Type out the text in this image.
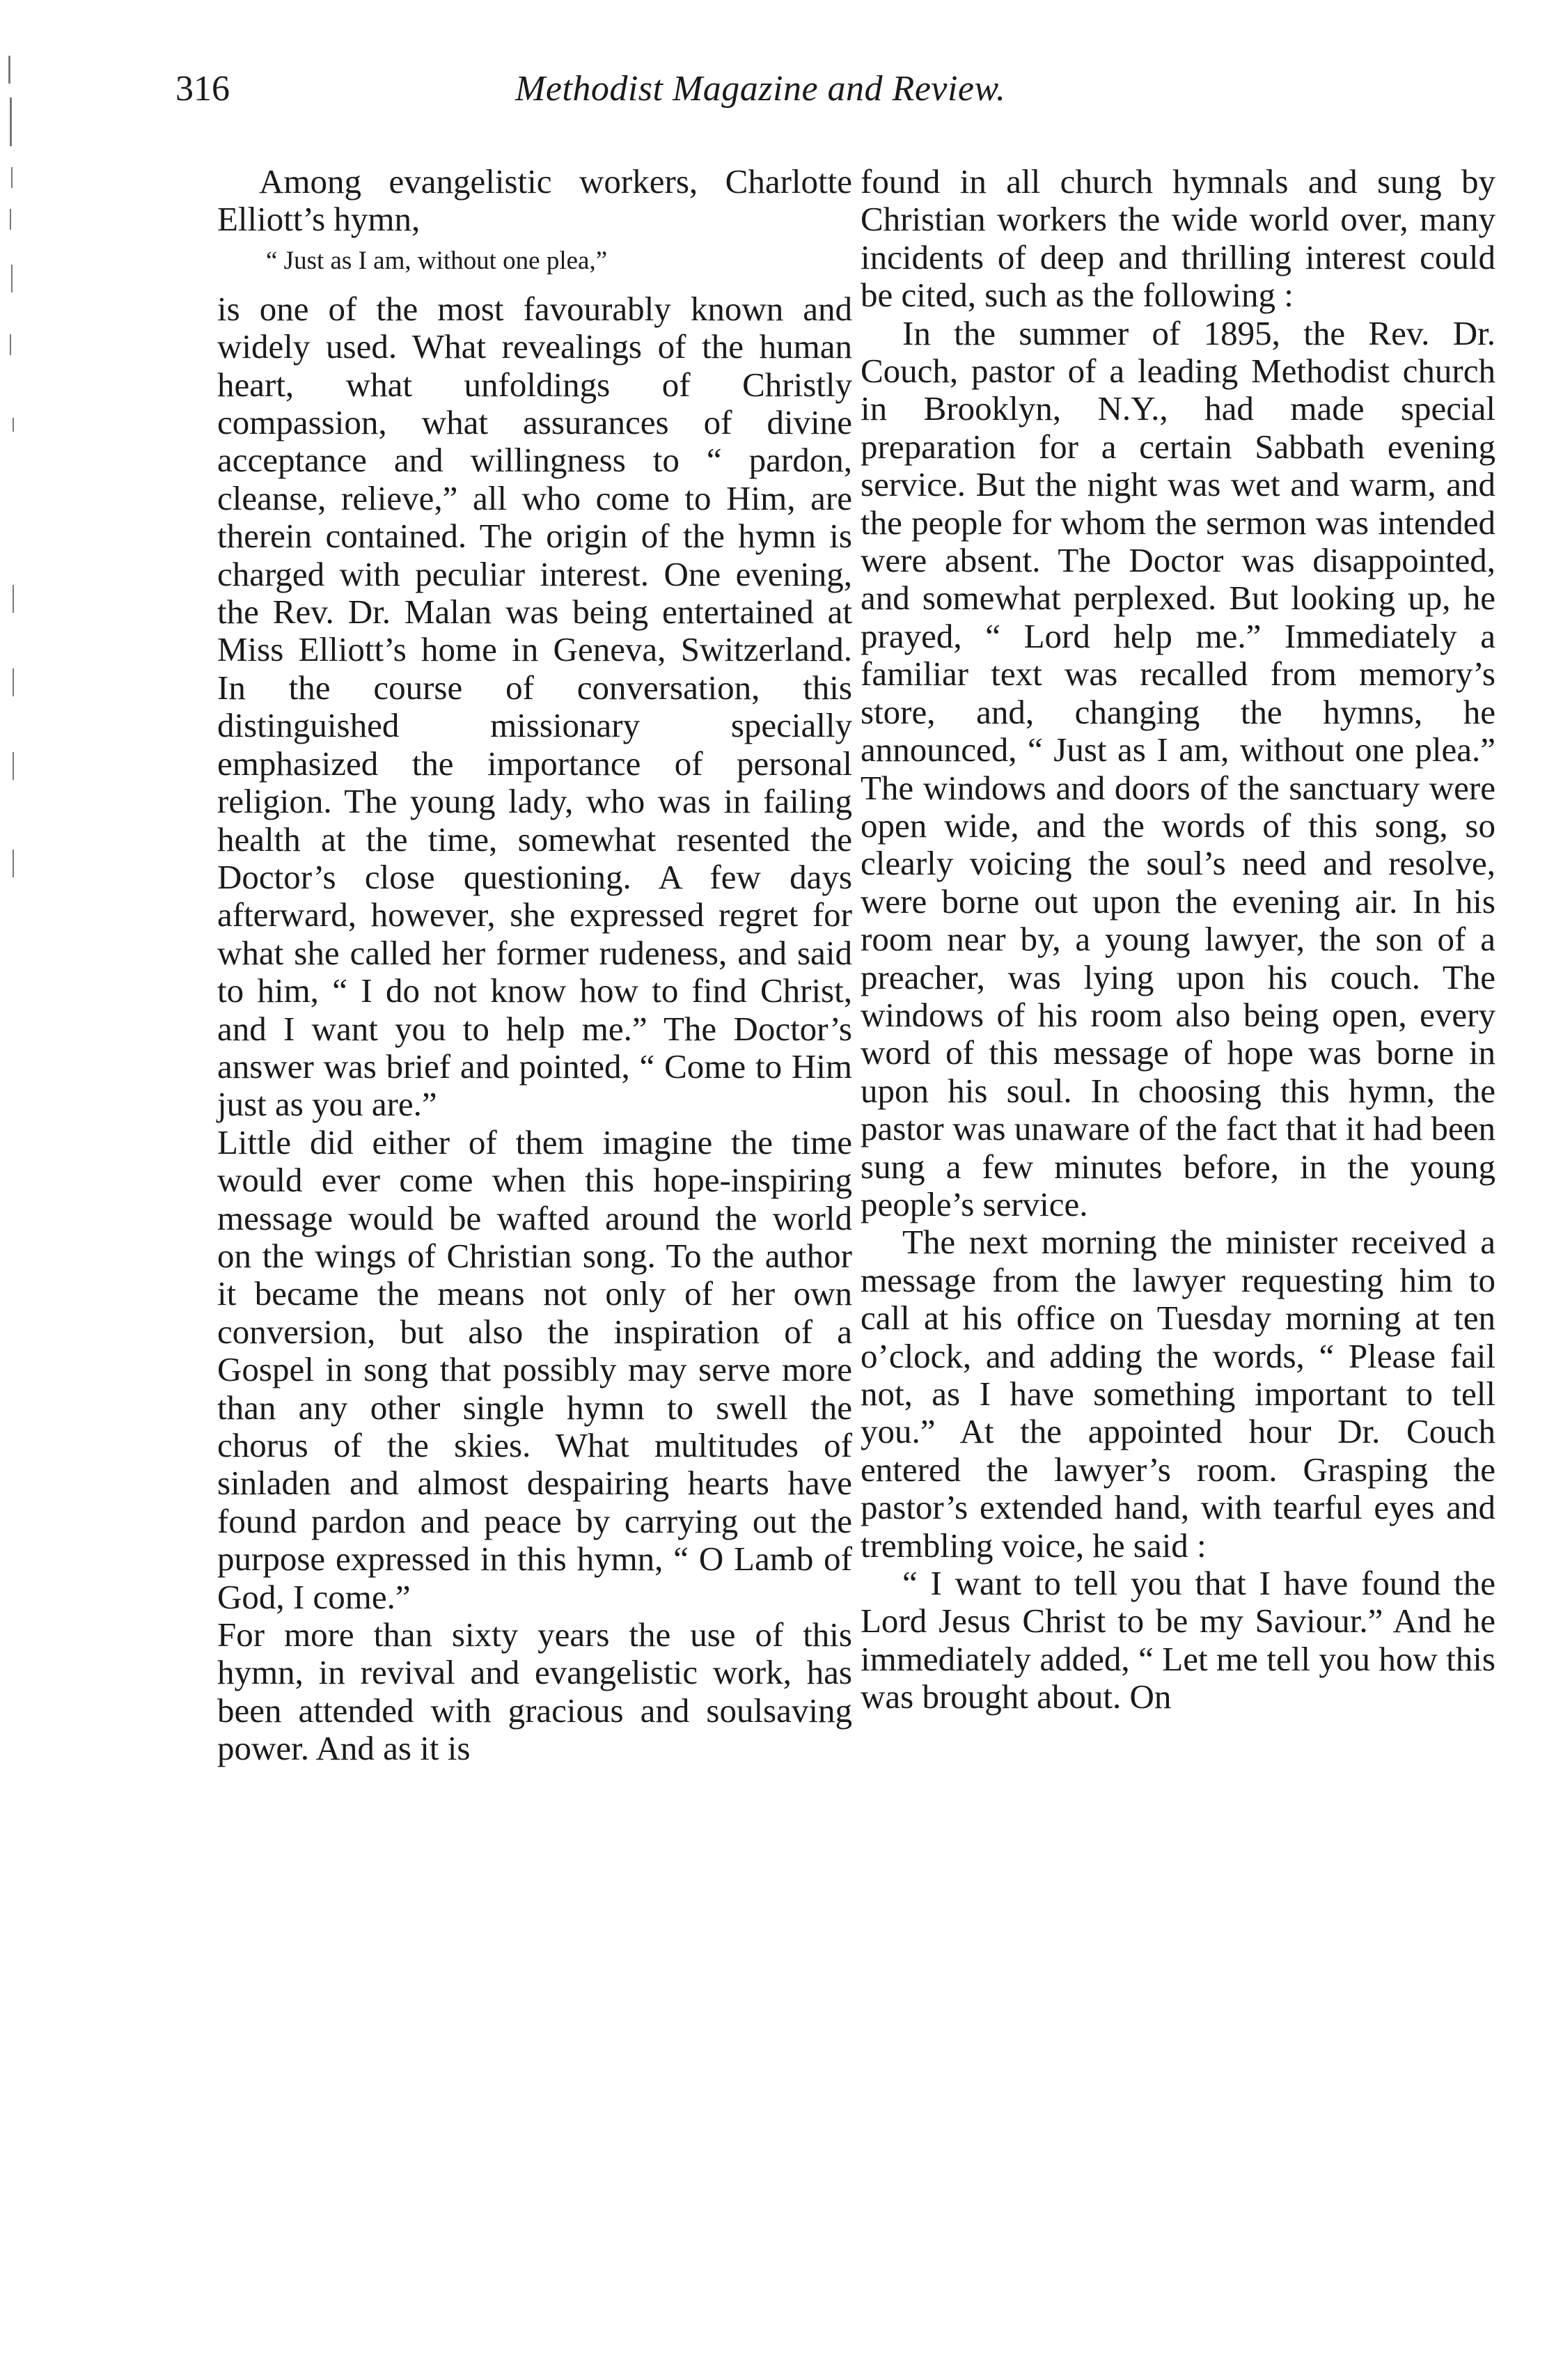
316	Methodist Magazine and Review.

Among evangelistic workers, Charlotte Elliott’s hymn,

“ Just as I am, without one plea,”

is one of the most favourably known and widely used. What revealings of the human heart, what unfoldings of Christly compassion, what assurances of divine acceptance and willingness to “ pardon, cleanse, relieve,” all who come to Him, are therein contained. The origin of the hymn is charged with peculiar interest. One evening, the Rev. Dr. Malan was being entertained at Miss Elliott’s home in Geneva, Switzerland. In the course of conversation, this distinguished missionary specially emphasized the importance of personal religion. The young lady, who was in failing health at the time, somewhat resented the Doctor’s close questioning. A few days afterward, however, she expressed regret for what she called her former rudeness, and said to him, “ I do not know how to find Christ, and I want you to help me.” The Doctor’s answer was brief and pointed, “ Come to Him just as you are.”

Little did either of them imagine the time would ever come when this hope-inspiring message would be wafted around the world on the wings of Christian song. To the author it became the means not only of her own conversion, but also the inspiration of a Gospel in song that possibly may serve more than any other single hymn to swell the chorus of the skies. What multitudes of sinladen and almost despairing hearts have found pardon and peace by carrying out the purpose expressed in this hymn, “ O Lamb of God, I come.”

For more than sixty years the use of this hymn, in revival and evangelistic work, has been attended with gracious and soulsaving power. And as it is

found in all church hymnals and sung by Christian workers the wide world over, many incidents of deep and thrilling interest could be cited, such as the following :

In the summer of 1895, the Rev. Dr. Couch, pastor of a leading Methodist church in Brooklyn, N.Y., had made special preparation for a certain Sabbath evening service. But the night was wet and warm, and the people for whom the sermon was intended were absent. The Doctor was disappointed, and somewhat perplexed. But looking up, he prayed, “ Lord help me.” Immediately a familiar text was recalled from memory’s store, and, changing the hymns, he announced, “ Just as I am, without one plea.” The windows and doors of the sanctuary were open wide, and the words of this song, so clearly voicing the soul’s need and resolve, were borne out upon the evening air. In his room near by, a young lawyer, the son of a preacher, was lying upon his couch. The windows of his room also being open, every word of this message of hope was borne in upon his soul. In choosing this hymn, the pastor was unaware of the fact that it had been sung a few minutes before, in the young people’s service.

The next morning the minister received a message from the lawyer requesting him to call at his office on Tuesday morning at ten o’clock, and adding the words, “ Please fail not, as I have something important to tell you.” At the appointed hour Dr. Couch entered the lawyer’s room. Grasping the pastor’s extended hand, with tearful eyes and trembling voice, he said :

“ I want to tell you that I have found the Lord Jesus Christ to be my Saviour.” And he immediately added, “ Let me tell you how this was brought about. On
